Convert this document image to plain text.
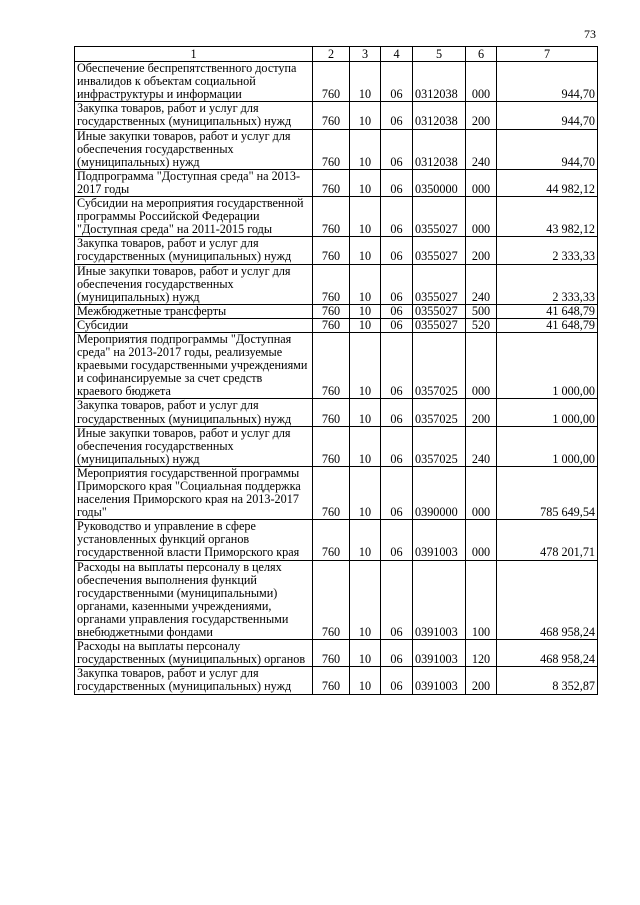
73
1	2	3	4	5	6	7
Обеспечение беспрепятственного доступа инвалидов к объектам социальной инфраструктуры и информации	760	10	06	0312038	000	944,70
Закупка товаров, работ и услуг для государственных (муниципальных) нужд	760	10	06	0312038	200	944,70
Иные закупки товаров, работ и услуг для обеспечения государственных (муниципальных) нужд	760	10	06	0312038	240	944,70
Подпрограмма "Доступная среда" на 2013-2017 годы	760	10	06	0350000	000	44 982,12
Субсидии на мероприятия государственной программы Российской Федерации "Доступная среда" на 2011-2015 годы	760	10	06	0355027	000	43 982,12
Закупка товаров, работ и услуг для государственных (муниципальных) нужд	760	10	06	0355027	200	2 333,33
Иные закупки товаров, работ и услуг для обеспечения государственных (муниципальных) нужд	760	10	06	0355027	240	2 333,33
Межбюджетные трансферты	760	10	06	0355027	500	41 648,79
Субсидии	760	10	06	0355027	520	41 648,79
Мероприятия подпрограммы "Доступная среда" на 2013-2017 годы, реализуемые краевыми государственными учреждениями и софинансируемые за счет средств краевого бюджета	760	10	06	0357025	000	1 000,00
Закупка товаров, работ и услуг для государственных (муниципальных) нужд	760	10	06	0357025	200	1 000,00
Иные закупки товаров, работ и услуг для обеспечения государственных (муниципальных) нужд	760	10	06	0357025	240	1 000,00
Мероприятия государственной программы Приморского края "Социальная поддержка населения Приморского края на 2013-2017 годы"	760	10	06	0390000	000	785 649,54
Руководство и управление в сфере установленных функций органов государственной власти Приморского края	760	10	06	0391003	000	478 201,71
Расходы на выплаты персоналу в целях обеспечения выполнения функций государственными (муниципальными) органами, казенными учреждениями, органами управления государственными внебюджетными фондами	760	10	06	0391003	100	468 958,24
Расходы на выплаты персоналу государственных (муниципальных) органов	760	10	06	0391003	120	468 958,24
Закупка товаров, работ и услуг для государственных (муниципальных) нужд	760	10	06	0391003	200	8 352,87
